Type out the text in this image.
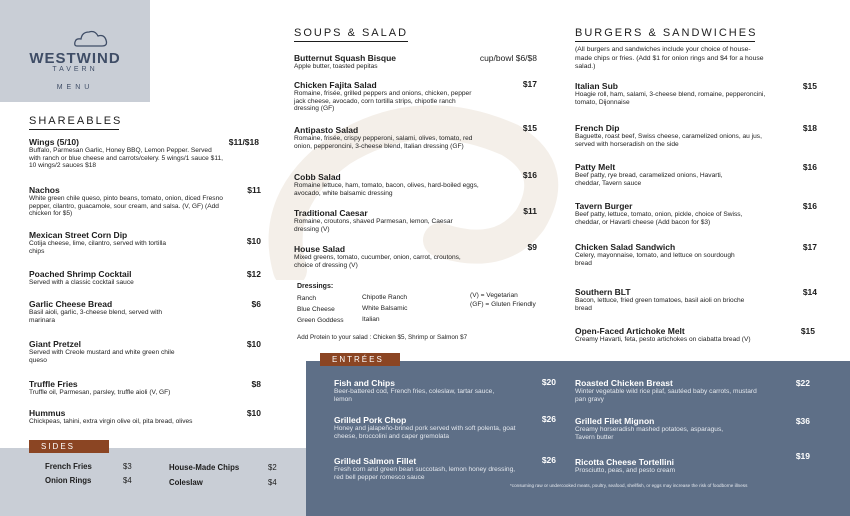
WESTWIND
TAVERN
MENU
SHAREABLES
Wings (5/10)
Buffalo, Parmesan Garlic, Honey BBQ, Lemon Pepper. Served with ranch or blue cheese and carrots/celery. 5 wings/1 sauce $11, 10 wings/2 sauces $18
$11/$18
Nachos
White green chile queso, pinto beans, tomato, onion, diced Fresno pepper, cilantro, guacamole, sour cream, and salsa. (V, GF) (Add chicken for $5)
$11
Mexican Street Corn Dip
Cotija cheese, lime, cilantro, served with tortilla chips
$10
Poached Shrimp Cocktail
Served with a classic cocktail sauce
$12
Garlic Cheese Bread
Basil aioli, garlic, 3-cheese blend, served with marinara
$6
Giant Pretzel
Served with Creole mustard and white green chile queso
$10
Truffle Fries
Truffle oil, Parmesan, parsley, truffle aioli (V, GF)
$8
Hummus
Chickpeas, tahini, extra virgin olive oil, pita bread, olives
$10
SIDES
French Fries	$3
Onion Rings	$4
House-Made Chips	$2
Coleslaw	$4
SOUPS & SALAD
Butternut Squash Bisque
Apple butter, toasted pepitas
cup/bowl $6/$8
Chicken Fajita Salad
Romaine, frisée, grilled peppers and onions, chicken, pepper jack cheese, avocado, corn tortilla strips, chipotle ranch dressing (GF)
$17
Antipasto Salad
Romaine, frisée, crispy pepperoni, salami, olives, tomato, red onion, pepperoncini, 3-cheese blend, Italian dressing (GF)
$15
Cobb Salad
Romaine lettuce, ham, tomato, bacon, olives, hard-boiled eggs, avocado, white balsamic dressing
$16
Traditional Caesar
Romaine, croutons, shaved Parmesan, lemon, Caesar dressing (V)
$11
House Salad
Mixed greens, tomato, cucumber, onion, carrot, croutons, choice of dressing (V)
$9
Dressings:
Ranch
Blue Cheese
Green Goddess
Chipotle Ranch
White Balsamic
Italian
(V) = Vegetarian
(GF) = Gluten Friendly
Add Protein to your salad : Chicken $5, Shrimp or Salmon $7
BURGERS & SANDWICHES
(All burgers and sandwiches include your choice of house-made chips or fries. (Add $1 for onion rings and $4 for a house salad.)
Italian Sub
Hoagie roll, ham, salami, 3-cheese blend, romaine, pepperoncini, tomato, Dijonnaise
$15
French Dip
Baguette, roast beef, Swiss cheese, caramelized onions, au jus, served with horseradish on the side
$18
Patty Melt
Beef patty, rye bread, caramelized onions, Havarti, cheddar, Tavern sauce
$16
Tavern Burger
Beef patty, lettuce, tomato, onion, pickle, choice of Swiss, cheddar, or Havarti cheese (Add bacon for $3)
$16
Chicken Salad Sandwich
Celery, mayonnaise, tomato, and lettuce on sourdough bread
$17
Southern BLT
Bacon, lettuce, fried green tomatoes, basil aioli on brioche bread
$14
Open-Faced Artichoke Melt
Creamy Havarti, feta, pesto artichokes on ciabatta bread (V)
$15
ENTRÉES
Fish and Chips
Beer-battered cod, French fries, coleslaw, tartar sauce, lemon
$20
Grilled Pork Chop
Honey and jalapeño-brined pork served with soft polenta, goat cheese, broccolini and caper gremolata
$26
Grilled Salmon Fillet
Fresh corn and green bean succotash, lemon honey dressing, red bell pepper romesco sauce
$26
Roasted Chicken Breast
Winter vegetable wild rice pilaf, sautéed baby carrots, mustard pan gravy
$22
Grilled Filet Mignon
Creamy horseradish mashed potatoes, asparagus, Tavern butter
$36
Ricotta Cheese Tortellini
Prosciutto, peas, and pesto cream
$19
*consuming raw or undercooked meats, poultry, seafood, shellfish, or eggs may increase the risk of foodborne illness
